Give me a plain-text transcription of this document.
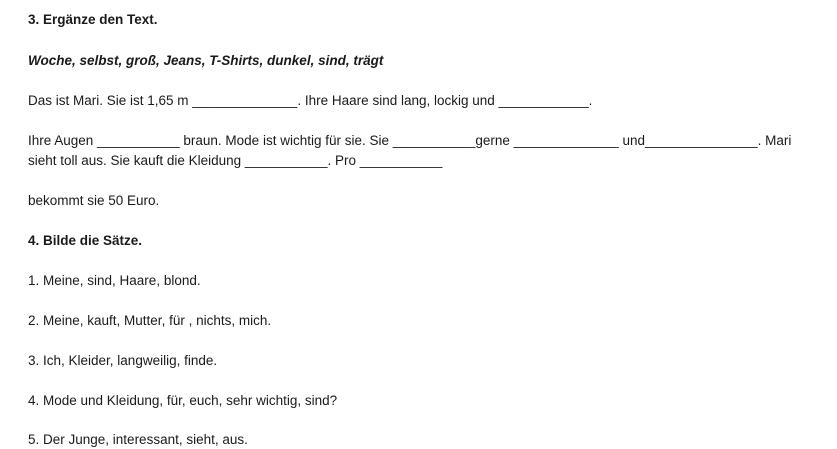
3. Ergänze den Text.
Woche, selbst, groß, Jeans, T-Shirts, dunkel, sind, trägt
Das ist Mari. Sie ist 1,65 m ______________. Ihre Haare sind lang, lockig und ____________.
Ihre Augen ___________ braun. Mode ist wichtig für sie. Sie ___________gerne ______________ und_______________. Mari
sieht toll aus. Sie kauft die Kleidung ___________. Pro ___________
bekommt sie 50 Euro.
4. Bilde die Sätze.
1. Meine, sind, Haare, blond.
2. Meine, kauft, Mutter, für , nichts, mich.
3. Ich, Kleider, langweilig, finde.
4. Mode und Kleidung, für, euch, sehr wichtig, sind?
5. Der Junge, interessant, sieht, aus.
